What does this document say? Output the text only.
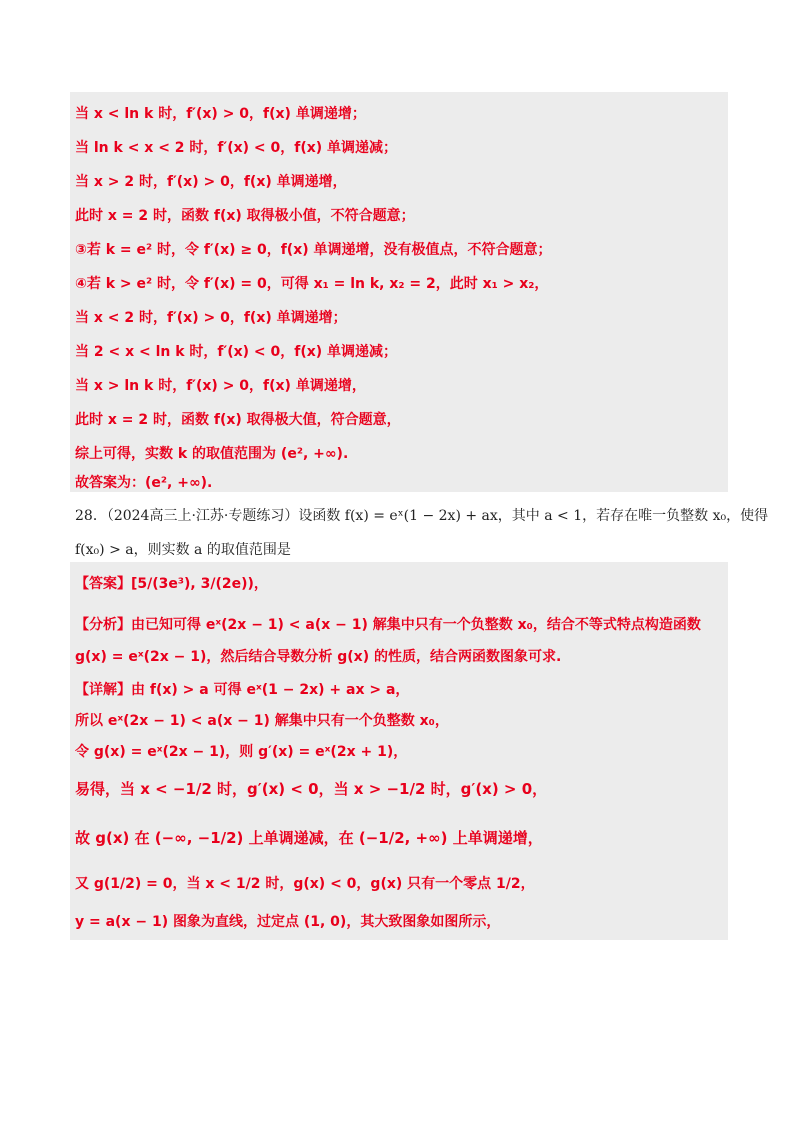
当 x < ln k 时，f′(x) > 0，f(x) 单调递增；
当 ln k < x < 2 时，f′(x) < 0，f(x) 单调递减；
当 x > 2 时，f′(x) > 0，f(x) 单调递增，
此时 x = 2 时，函数 f(x) 取得极小值，不符合题意；
③若 k = e² 时，令 f′(x) ≥ 0，f(x) 单调递增，没有极值点，不符合题意；
④若 k > e² 时，令 f′(x) = 0，可得 x₁ = ln k, x₂ = 2，此时 x₁ > x₂，
当 x < 2 时，f′(x) > 0，f(x) 单调递增；
当 2 < x < ln k 时，f′(x) < 0，f(x) 单调递减；
当 x > ln k 时，f′(x) > 0，f(x) 单调递增，
此时 x = 2 时，函数 f(x) 取得极大值，符合题意，
综上可得，实数 k 的取值范围为 (e², +∞).
故答案为：(e², +∞).
28．（2024高三上·江苏·专题练习）设函数 f(x) = eˣ(1 − 2x) + ax，其中 a < 1，若存在唯一负整数 x₀，使得
f(x₀) > a，则实数 a 的取值范围是
【答案】[5/(3e³), 3/(2e))，
【分析】由已知可得 eˣ(2x − 1) < a(x − 1) 解集中只有一个负整数 x₀，结合不等式特点构造函数
g(x) = eˣ(2x − 1)，然后结合导数分析 g(x) 的性质，结合两函数图象可求.
【详解】由 f(x) > a 可得 eˣ(1 − 2x) + ax > a，
所以 eˣ(2x − 1) < a(x − 1) 解集中只有一个负整数 x₀，
令 g(x) = eˣ(2x − 1)，则 g′(x) = eˣ(2x + 1)，
易得，当 x < −1/2 时，g′(x) < 0，当 x > −1/2 时，g′(x) > 0，
故 g(x) 在 (−∞, −1/2) 上单调递减，在 (−1/2, +∞) 上单调递增，
又 g(1/2) = 0，当 x < 1/2 时，g(x) < 0，g(x) 只有一个零点 1/2，
y = a(x − 1) 图象为直线，过定点 (1, 0)，其大致图象如图所示，
